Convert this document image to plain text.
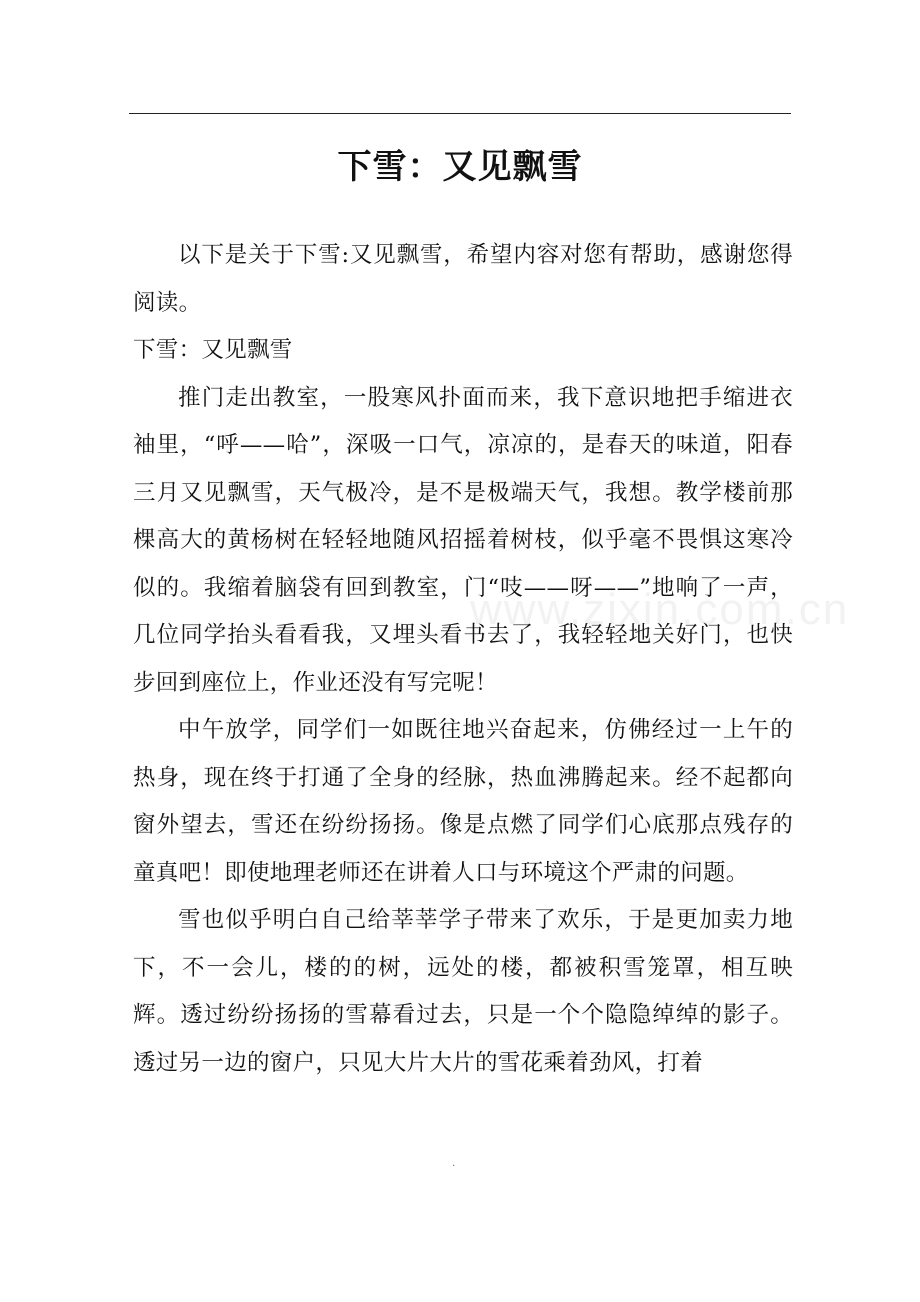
下雪：又见飘雪

以下是关于下雪:又见飘雪，希望内容对您有帮助，感谢您得阅读。

下雪：又见飘雪

推门走出教室，一股寒风扑面而来，我下意识地把手缩进衣袖里，“呼——哈”，深吸一口气，凉凉的，是春天的味道，阳春三月又见飘雪，天气极冷，是不是极端天气，我想。教学楼前那棵高大的黄杨树在轻轻地随风招摇着树枝，似乎毫不畏惧这寒冷似的。我缩着脑袋有回到教室，门“吱——呀——”地响了一声，几位同学抬头看看我，又埋头看书去了，我轻轻地关好门，也快步回到座位上，作业还没有写完呢！

中午放学，同学们一如既往地兴奋起来，仿佛经过一上午的热身，现在终于打通了全身的经脉，热血沸腾起来。经不起都向窗外望去，雪还在纷纷扬扬。像是点燃了同学们心底那点残存的童真吧！即使地理老师还在讲着人口与环境这个严肃的问题。

雪也似乎明白自己给莘莘学子带来了欢乐，于是更加卖力地下，不一会儿，楼的的树，远处的楼，都被积雪笼罩，相互映辉。透过纷纷扬扬的雪幕看过去，只是一个个隐隐绰绰的影子。透过另一边的窗户，只见大片大片的雪花乘着劲风，打着

www.zixin.com.cn
.
